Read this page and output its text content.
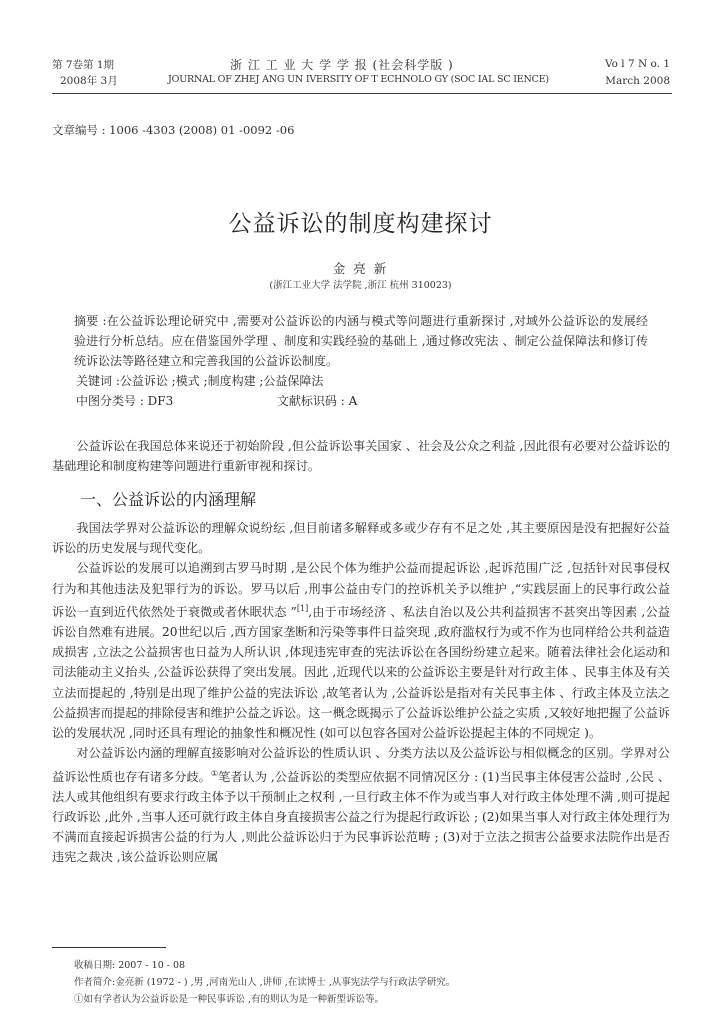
第 7卷第 1期
2008年 3月
浙 江 工 业 大 学 学 报 (社会科学版 )
JOURNAL OF ZHEJ ANG UN IVERSITY OF T ECHNOLO GY (SOC IAL SC IENCE)
Vo l 7 N o. 1
March 2008
文章编号 : 1006 -4303 (2008) 01 -0092 -06
公益诉讼的制度构建探讨
金 亮 新
(浙江工业大学 法学院 ,浙江 杭州 310023)

摘要 :在公益诉讼理论研究中 ,需要对公益诉讼的内涵与模式等问题进行重新探讨 ,对域外公益诉讼的发展经验进行分析总结。应在借鉴国外学理 、制度和实践经验的基础上 ,通过修改宪法 、制定公益保障法和修订传统诉讼法等路径建立和完善我国的公益诉讼制度。

关键词 :公益诉讼 ;模式 ;制度构建 ;公益保障法

中图分类号 : DF3	文献标识码 : A

公益诉讼在我国总体来说还于初始阶段 ,但公益诉讼事关国家 、社会及公众之利益 ,因此很有必要对公益诉讼的基础理论和制度构建等问题进行重新审视和探讨。

一、公益诉讼的内涵理解

我国法学界对公益诉讼的理解众说纷纭 ,但目前诸多解释或多或少存有不足之处 ,其主要原因是没有把握好公益诉讼的历史发展与现代变化。

公益诉讼的发展可以追溯到古罗马时期 ,是公民个体为维护公益而提起诉讼 ,起诉范围广泛 ,包括针对民事侵权行为和其他违法及犯罪行为的诉讼。罗马以后 ,刑事公益由专门的控诉机关予以维护 ,“实践层面上的民事行政公益诉讼一直到近代依然处于衰微或者休眠状态 ”[1],由于市场经济 、私法自治以及公共利益损害不甚突出等因素 ,公益诉讼自然难有进展。20世纪以后 ,西方国家垄断和污染等事件日益突现 ,政府滥权行为或不作为也同样给公共利益造成损害 ,立法之公益损害也日益为人所认识 ,体现违宪审查的宪法诉讼在各国纷纷建立起来。随着法律社会化运动和司法能动主义抬头 ,公益诉讼获得了突出发展。因此 ,近现代以来的公益诉讼主要是针对行政主体 、民事主体及有关立法而提起的 ,特别是出现了维护公益的宪法诉讼 ,故笔者认为 ,公益诉讼是指对有关民事主体 、行政主体及立法之公益损害而提起的排除侵害和维护公益之诉讼。这一概念既揭示了公益诉讼维护公益之实质 ,又较好地把握了公益诉讼的发展状况 ,同时还具有理论的抽象性和概况性 (如可以包容各国对公益诉讼提起主体的不同规定 )。

对公益诉讼内涵的理解直接影响对公益诉讼的性质认识 、分类方法以及公益诉讼与相似概念的区别。学界对公益诉讼性质也存有诸多分歧。①笔者认为 ,公益诉讼的类型应依据不同情况区分 : (1)当民事主体侵害公益时 ,公民 、法人或其他组织有要求行政主体予以干预制止之权利 ,一旦行政主体不作为或当事人对行政主体处理不满 ,则可提起行政诉讼 ,此外 ,当事人还可就行政主体自身直接损害公益之行为提起行政诉讼 ; (2)如果当事人对行政主体处理行为不满而直接起诉损害公益的行为人 ,则此公益诉讼归于为民事诉讼范畴 ; (3)对于立法之损害公益要求法院作出是否违宪之裁决 ,该公益诉讼则应属

收稿日期: 2007 - 10 - 08

作者简介:金亮新 (1972 - ) ,男 ,河南光山人 ,讲师 ,在读博士 ,从事宪法学与行政法学研究。

①如有学者认为公益诉讼是一种民事诉讼 ,有的则认为是一种新型诉讼等。
